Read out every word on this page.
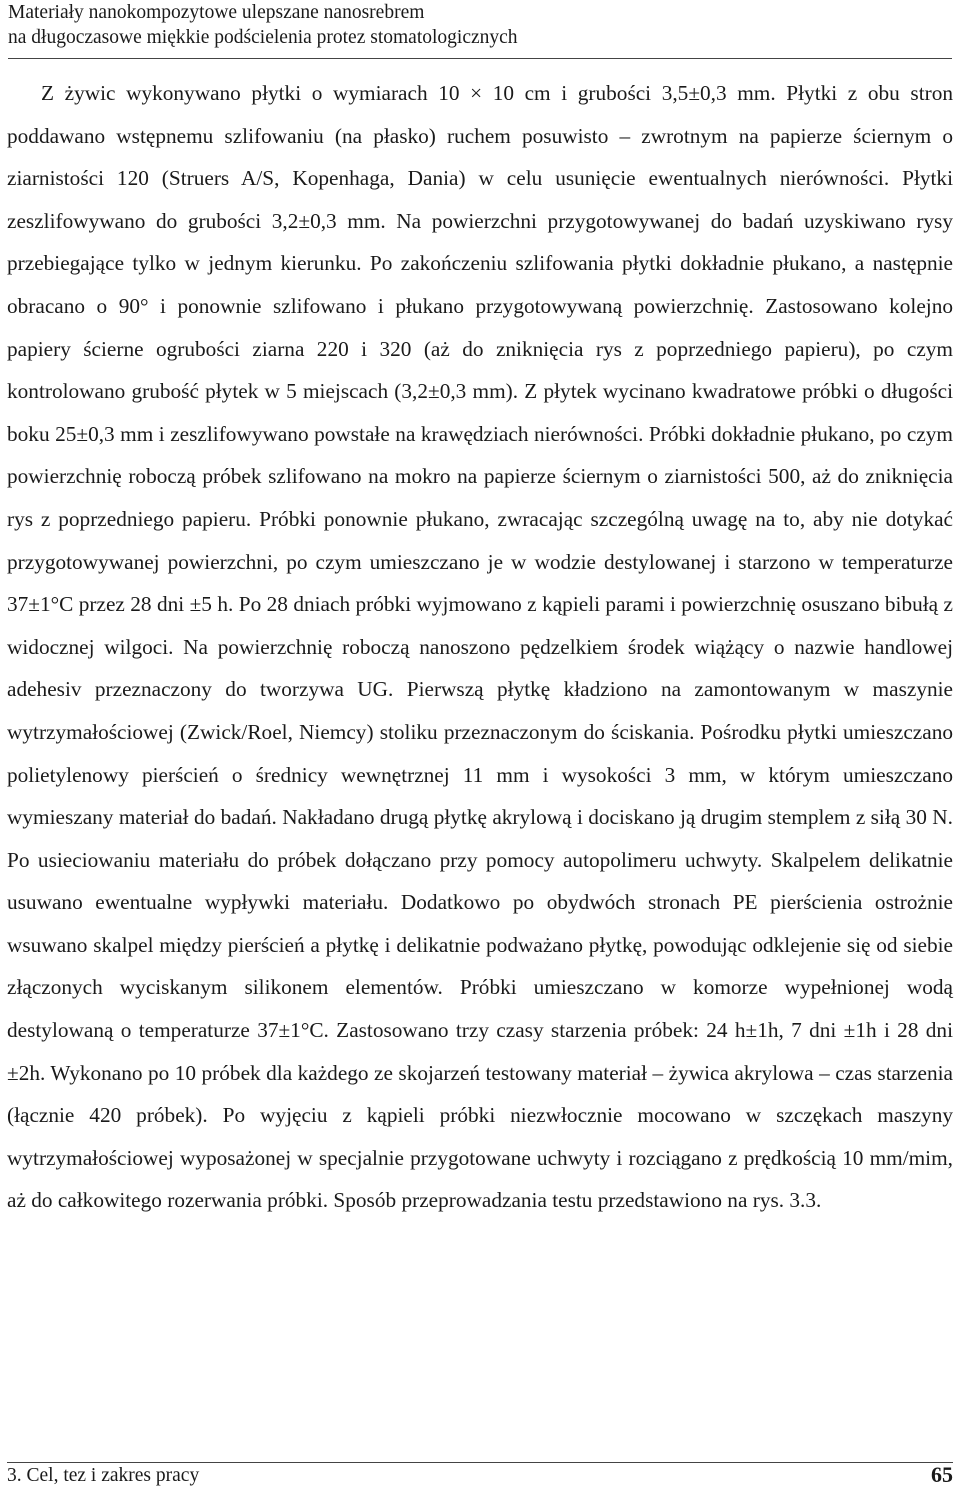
Materiały nanokompozytowe ulepszane nanosrebrem
na długoczasowe miękkie podścielenia protez stomatologicznych

Z żywic wykonywano płytki o wymiarach 10 × 10 cm i grubości 3,5±0,3 mm. Płytki z obu stron poddawano wstępnemu szlifowaniu (na płasko) ruchem posuwisto – zwrotnym na papierze ściernym o ziarnistości 120 (Struers A/S, Kopenhaga, Dania) w celu usunięcie ewentualnych nierówności. Płytki zeszlifowywano do grubości 3,2±0,3 mm. Na powierzchni przygotowywanej do badań uzyskiwano rysy przebiegające tylko w jednym kierunku. Po zakończeniu szlifowania płytki dokładnie płukano, a następnie obracano o 90° i ponownie szlifowano i płukano przygotowywaną powierzchnię. Zastosowano kolejno papiery ścierne ogrubości ziarna 220 i 320 (aż do zniknięcia rys z poprzedniego papieru), po czym kontrolowano grubość płytek w 5 miejscach (3,2±0,3 mm). Z płytek wycinano kwadratowe próbki o długości boku 25±0,3 mm i zeszlifowywano powstałe na krawędziach nierówności. Próbki dokładnie płukano, po czym powierzchnię roboczą próbek szlifowano na mokro na papierze ściernym o ziarnistości 500, aż do zniknięcia rys z poprzedniego papieru. Próbki ponownie płukano, zwracając szczególną uwagę na to, aby nie dotykać przygotowywanej powierzchni, po czym umieszczano je w wodzie destylowanej i starzono w temperaturze 37±1°C przez 28 dni ±5 h. Po 28 dniach próbki wyjmowano z kąpieli parami i powierzchnię osuszano bibułą z widocznej wilgoci. Na powierzchnię roboczą nanoszono pędzelkiem środek wiążący o nazwie handlowej adehesiv przeznaczony do tworzywa UG. Pierwszą płytkę kładziono na zamontowanym w maszynie wytrzymałościowej (Zwick/Roel, Niemcy) stoliku przeznaczonym do ściskania. Pośrodku płytki umieszczano polietylenowy pierścień o średnicy wewnętrznej 11 mm i wysokości 3 mm, w którym umieszczano wymieszany materiał do badań. Nakładano drugą płytkę akrylową i dociskano ją drugim stemplem z siłą 30 N. Po usieciowaniu materiału do próbek dołączano przy pomocy autopolimeru uchwyty. Skalpelem delikatnie usuwano ewentualne wypływki materiału. Dodatkowo po obydwóch stronach PE pierścienia ostrożnie wsuwano skalpel między pierścień a płytkę i delikatnie podważano płytkę, powodując odklejenie się od siebie złączonych wyciskanym silikonem elementów. Próbki umieszczano w komorze wypełnionej wodą destylowaną o temperaturze 37±1°C. Zastosowano trzy czasy starzenia próbek: 24 h±1h, 7 dni ±1h i 28 dni ±2h. Wykonano po 10 próbek dla każdego ze skojarzeń testowany materiał – żywica akrylowa – czas starzenia (łącznie 420 próbek). Po wyjęciu z kąpieli próbki niezwłocznie mocowano w szczękach maszyny wytrzymałościowej wyposażonej w specjalnie przygotowane uchwyty i rozciągano z prędkością 10 mm/mim, aż do całkowitego rozerwania próbki. Sposób przeprowadzania testu przedstawiono na rys. 3.3.

3. Cel, tez i zakres pracy	65
